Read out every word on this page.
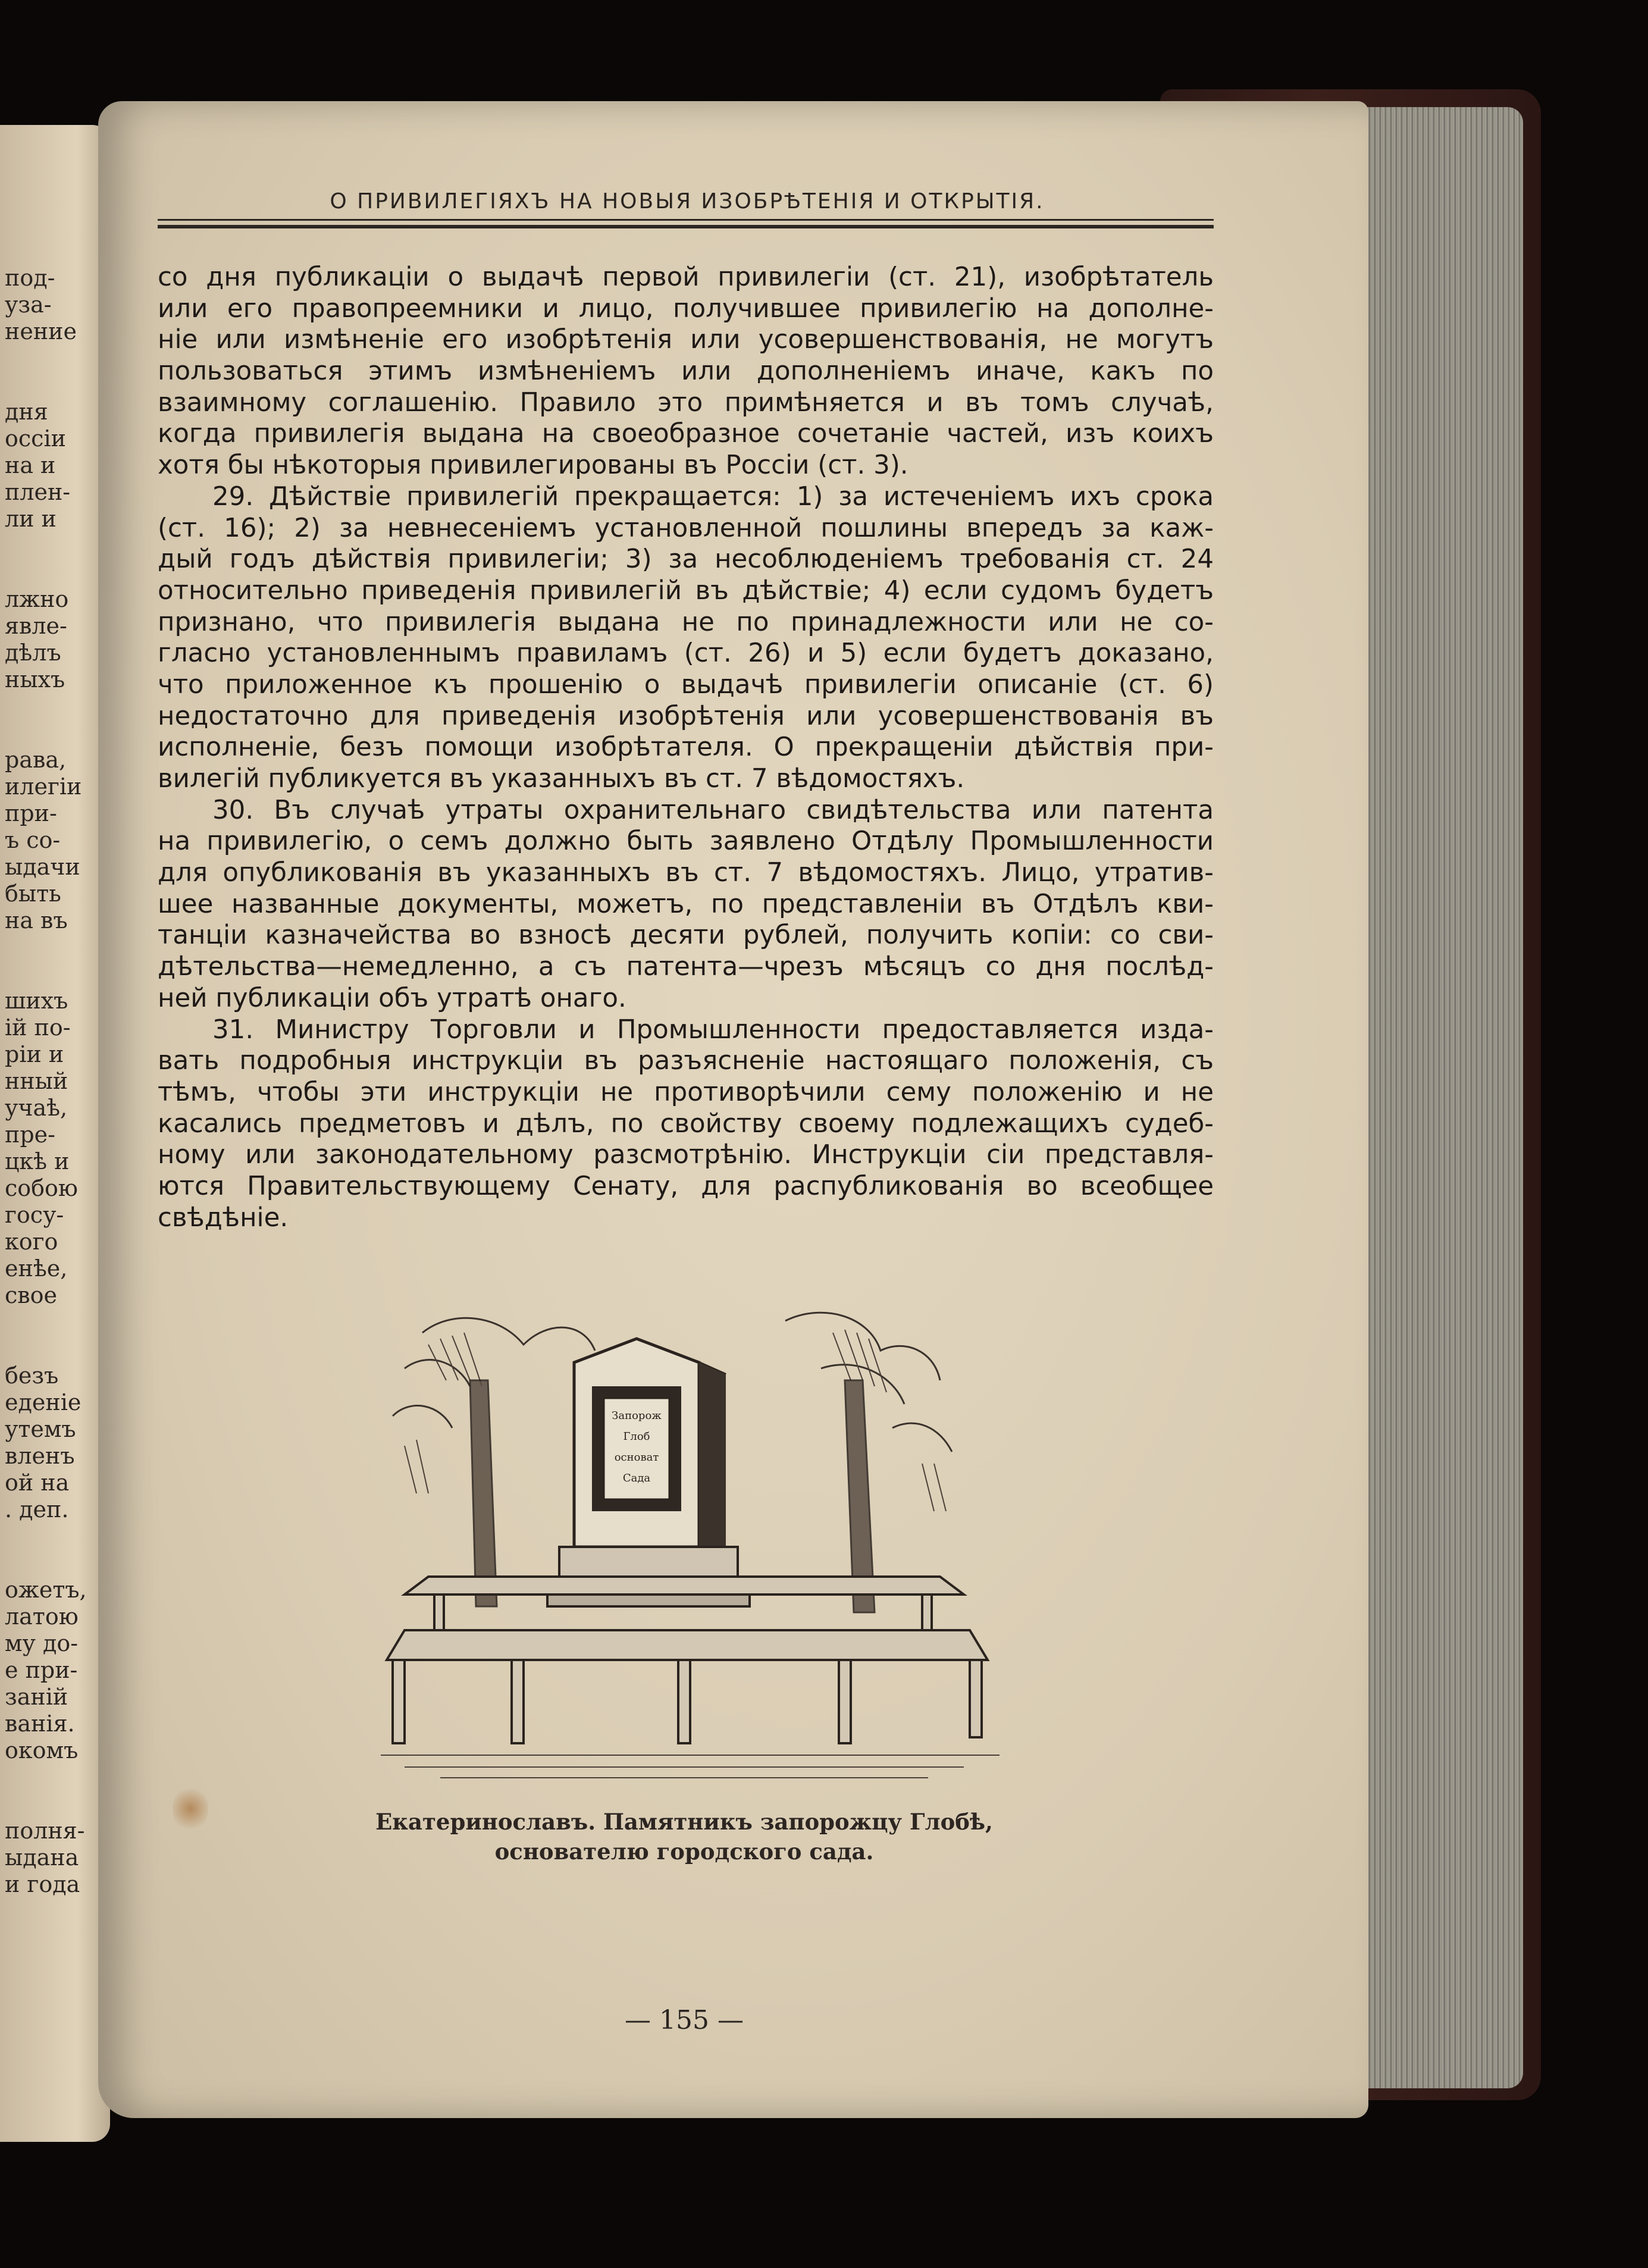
под-
уза-
нение
дня
оссіи
на и
плен-
ли и
лжно
явле-
дѣлъ
ныхъ
рава,
илегіи
при-
ъ со-
ыдачи
быть
на въ
шихъ
ій по-
ріи и
нный
учаѣ,
пре-
цкѣ и
собою
госу-
кого
енѣе,
свое
безъ
еденіе
утемъ
вленъ
ой на
. деп.
ожетъ,
латою
му до-
е при-
заній
ванія.
окомъ
полня-
ыдана
и года
О ПРИВИЛЕГІЯХЪ НА НОВЫЯ ИЗОБРѢТЕНІЯ И ОТКРЫТІЯ.
со дня публикаціи о выдачѣ первой привилегіи (ст. 21), изобрѣтатель
или его правопреемники и лицо, получившее привилегію на дополне-
ніе или измѣненіе его изобрѣтенія или усовершенствованія, не могутъ
пользоваться этимъ измѣненіемъ или дополненіемъ иначе, какъ по
взаимному соглашенію. Правило это примѣняется и въ томъ случаѣ,
когда привилегія выдана на своеобразное сочетаніе частей, изъ коихъ
хотя бы нѣкоторыя привилегированы въ Россіи (ст. 3).
29. Дѣйствіе привилегій прекращается: 1) за истеченіемъ ихъ срока
(ст. 16); 2) за невнесеніемъ установленной пошлины впередъ за каж-
дый годъ дѣйствія привилегіи; 3) за несоблюденіемъ требованія ст. 24
относительно приведенія привилегій въ дѣйствіе; 4) если судомъ будетъ
признано, что привилегія выдана не по принадлежности или не со-
гласно установленнымъ правиламъ (ст. 26) и 5) если будетъ доказано,
что приложенное къ прошенію о выдачѣ привилегіи описаніе (ст. 6)
недостаточно для приведенія изобрѣтенія или усовершенствованія въ
исполненіе, безъ помощи изобрѣтателя. О прекращеніи дѣйствія при-
вилегій публикуется въ указанныхъ въ ст. 7 вѣдомостяхъ.
30. Въ случаѣ утраты охранительнаго свидѣтельства или патента
на привилегію, о семъ должно быть заявлено Отдѣлу Промышленности
для опубликованія въ указанныхъ въ ст. 7 вѣдомостяхъ. Лицо, утратив-
шее названные документы, можетъ, по представленіи въ Отдѣлъ кви-
танціи казначейства во взносѣ десяти рублей, получить копіи: со сви-
дѣтельства—немедленно, а съ патента—чрезъ мѣсяцъ со дня послѣд-
ней публикаціи объ утратѣ онаго.
31. Министру Торговли и Промышленности предоставляется изда-
вать подробныя инструкціи въ разъясненіе настоящаго положенія, съ
тѣмъ, чтобы эти инструкціи не противорѣчили сему положенію и не
касались предметовъ и дѣлъ, по свойству своему подлежащихъ судеб-
ному или законодательному разсмотрѣнію. Инструкціи сіи представля-
ются Правительствующему Сенату, для распубликованія во всеобщее
свѣдѣніе.
Запорож
Глоб
основат
Сада
Екатеринославъ. Памятникъ запорожцу Глобѣ,
основателю городского сада.
— 155 —
